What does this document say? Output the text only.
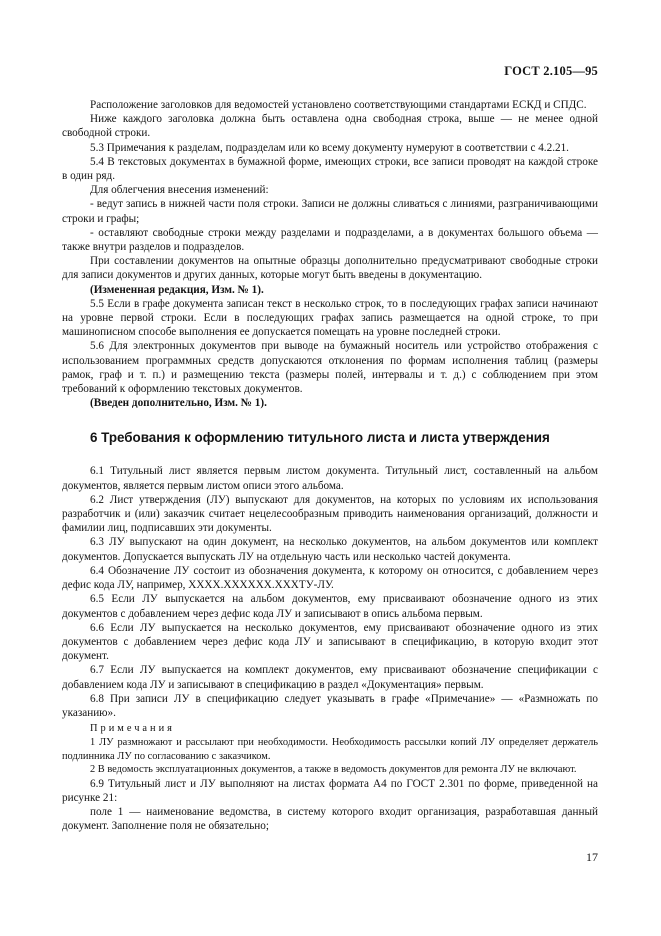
ГОСТ 2.105—95

Расположение заголовков для ведомостей установлено соответствующими стандартами ЕСКД и СПДС.

Ниже каждого заголовка должна быть оставлена одна свободная строка, выше — не менее одной свободной строки.

5.3 Примечания к разделам, подразделам или ко всему документу нумеруют в соответствии с 4.2.21.

5.4 В текстовых документах в бумажной форме, имеющих строки, все записи проводят на каждой строке в один ряд.

Для облегчения внесения изменений:

- ведут запись в нижней части поля строки. Записи не должны сливаться с линиями, разграничивающими строки и графы;

- оставляют свободные строки между разделами и подразделами, а в документах большого объема — также внутри разделов и подразделов.

При составлении документов на опытные образцы дополнительно предусматривают свободные строки для записи документов и других данных, которые могут быть введены в документацию.

(Измененная редакция, Изм. № 1).

5.5 Если в графе документа записан текст в несколько строк, то в последующих графах записи начинают на уровне первой строки. Если в последующих графах запись размещается на одной строке, то при машинописном способе выполнения ее допускается помещать на уровне последней строки.

5.6 Для электронных документов при выводе на бумажный носитель или устройство отображения с использованием программных средств допускаются отклонения по формам исполнения таблиц (размеры рамок, граф и т. п.) и размещению текста (размеры полей, интервалы и т. д.) с соблюдением при этом требований к оформлению текстовых документов.

(Введен дополнительно, Изм. № 1).

6 Требования к оформлению титульного листа и листа утверждения

6.1 Титульный лист является первым листом документа. Титульный лист, составленный на альбом документов, является первым листом описи этого альбома.

6.2 Лист утверждения (ЛУ) выпускают для документов, на которых по условиям их использования разработчик и (или) заказчик считает нецелесообразным приводить наименования организаций, должности и фамилии лиц, подписавших эти документы.

6.3 ЛУ выпускают на один документ, на несколько документов, на альбом документов или комплект документов. Допускается выпускать ЛУ на отдельную часть или несколько частей документа.

6.4 Обозначение ЛУ состоит из обозначения документа, к которому он относится, с добавлением через дефис кода ЛУ, например, ХХХХ.ХХХХХХ.ХХХТУ-ЛУ.

6.5 Если ЛУ выпускается на альбом документов, ему присваивают обозначение одного из этих документов с добавлением через дефис кода ЛУ и записывают в опись альбома первым.

6.6 Если ЛУ выпускается на несколько документов, ему присваивают обозначение одного из этих документов с добавлением через дефис кода ЛУ и записывают в спецификацию, в которую входит этот документ.

6.7 Если ЛУ выпускается на комплект документов, ему присваивают обозначение спецификации с добавлением кода ЛУ и записывают в спецификацию в раздел «Документация» первым.

6.8 При записи ЛУ в спецификацию следует указывать в графе «Примечание» — «Размножать по указанию».

Примечания

1 ЛУ размножают и рассылают при необходимости. Необходимость рассылки копий ЛУ определяет держатель подлинника ЛУ по согласованию с заказчиком.

2 В ведомость эксплуатационных документов, а также в ведомость документов для ремонта ЛУ не включают.

6.9 Титульный лист и ЛУ выполняют на листах формата А4 по ГОСТ 2.301 по форме, приведенной на рисунке 21:

поле 1 — наименование ведомства, в систему которого входит организация, разработавшая данный документ. Заполнение поля не обязательно;

17
